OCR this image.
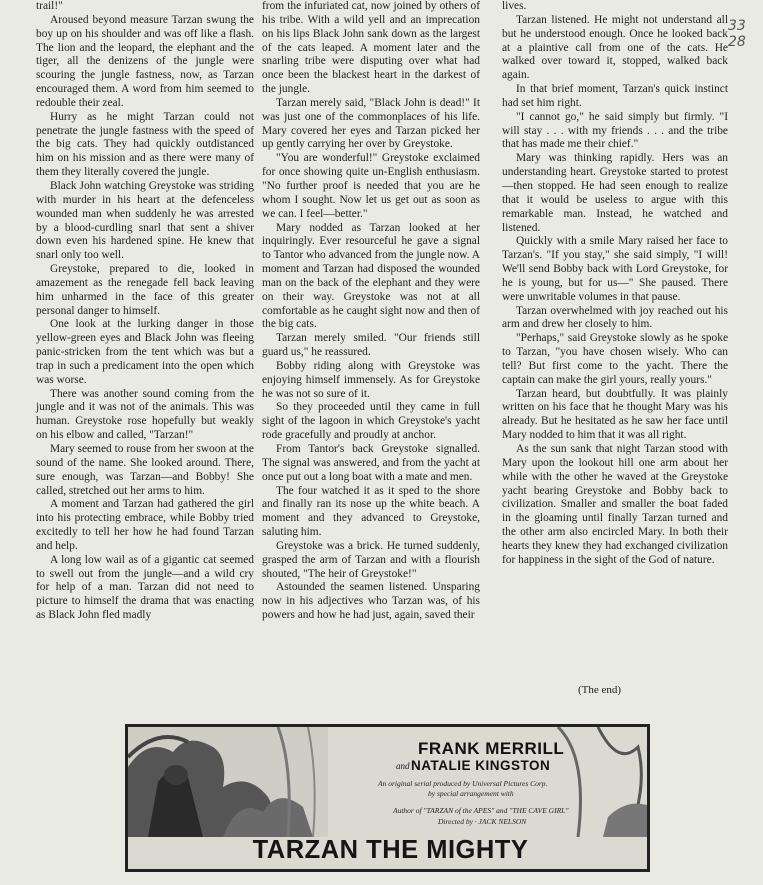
trail!"

Aroused beyond measure Tarzan swung the boy up on his shoulder and was off like a flash. The lion and the leopard, the elephant and the tiger, all the denizens of the jungle were scouring the jungle fastness, now, as Tarzan encouraged them. A word from him seemed to redouble their zeal.

Hurry as he might Tarzan could not penetrate the jungle fastness with the speed of the big cats. They had quickly outdistanced him on his mission and as there were many of them they literally covered the jungle.

Black John watching Greystoke was striding with murder in his heart at the defenceless wounded man when suddenly he was arrested by a blood-curdling snarl that sent a shiver down even his hardened spine. He knew that snarl only too well.

Greystoke, prepared to die, looked in amazement as the renegade fell back leaving him unharmed in the face of this greater personal danger to himself.

One look at the lurking danger in those yellow-green eyes and Black John was fleeing panic-stricken from the tent which was but a trap in such a predicament into the open which was worse.

There was another sound coming from the jungle and it was not of the animals. This was human. Greystoke rose hopefully but weakly on his elbow and called, "Tarzan!"

Mary seemed to rouse from her swoon at the sound of the name. She looked around. There, sure enough, was Tarzan—and Bobby! She called, stretched out her arms to him.

A moment and Tarzan had gathered the girl into his protecting embrace, while Bobby tried excitedly to tell her how he had found Tarzan and help.

A long low wail as of a gigantic cat seemed to swell out from the jungle—and a wild cry for help of a man. Tarzan did not need to picture to himself the drama that was enacting as Black John fled madly

from the infuriated cat, now joined by others of his tribe. With a wild yell and an imprecation on his lips Black John sank down as the largest of the cats leaped. A moment later and the snarling tribe were disputing over what had once been the blackest heart in the darkest of the jungle.

Tarzan merely said, "Black John is dead!" It was just one of the commonplaces of his life. Mary covered her eyes and Tarzan picked her up gently carrying her over by Greystoke.

"You are wonderful!" Greystoke exclaimed for once showing quite un-English enthusiasm. "No further proof is needed that you are he whom I sought. Now let us get out as soon as we can. I feel—better."

Mary nodded as Tarzan looked at her inquiringly. Ever resourceful he gave a signal to Tantor who advanced from the jungle now. A moment and Tarzan had disposed the wounded man on the back of the elephant and they were on their way. Greystoke was not at all comfortable as he caught sight now and then of the big cats.

Tarzan merely smiled. "Our friends still guard us," he reassured.

Bobby riding along with Greystoke was enjoying himself immensely. As for Greystoke he was not so sure of it.

So they proceeded until they came in full sight of the lagoon in which Greystoke's yacht rode gracefully and proudly at anchor.

From Tantor's back Greystoke signalled. The signal was answered, and from the yacht at once put out a long boat with a mate and men.

The four watched it as it sped to the shore and finally ran its nose up the white beach. A moment and they advanced to Greystoke, saluting him.

Greystoke was a brick. He turned suddenly, grasped the arm of Tarzan and with a flourish shouted, "The heir of Greystoke!"

Astounded the seamen listened. Unsparing now in his adjectives who Tarzan was, of his powers and how he had just, again, saved their

lives.

Tarzan listened. He might not understand all but he understood enough. Once he looked back at a plaintive call from one of the cats. He walked over toward it, stopped, walked back again.

In that brief moment, Tarzan's quick instinct had set him right.

"I cannot go," he said simply but firmly. "I will stay . . . with my friends . . . and the tribe that has made me their chief."

Mary was thinking rapidly. Hers was an understanding heart. Greystoke started to protest—then stopped. He had seen enough to realize that it would be useless to argue with this remarkable man. Instead, he watched and listened.

Quickly with a smile Mary raised her face to Tarzan's. "If you stay," she said simply, "I will! We'll send Bobby back with Lord Greystoke, for he is young, but for us—" She paused. There were unwritable volumes in that pause.

Tarzan overwhelmed with joy reached out his arm and drew her closely to him.

"Perhaps," said Greystoke slowly as he spoke to Tarzan, "you have chosen wisely. Who can tell? But first come to the yacht. There the captain can make the girl yours, really yours."

Tarzan heard, but doubtfully. It was plainly written on his face that he thought Mary was his already. But he hesitated as he saw her face until Mary nodded to him that it was all right.

As the sun sank that night Tarzan stood with Mary upon the lookout hill one arm about her while with the other he waved at the Greystoke yacht bearing Greystoke and Bobby back to civilization. Smaller and smaller the boat faded in the gloaming until finally Tarzan turned and the other arm also encircled Mary. In both their hearts they knew they had exchanged civilization for happiness in the sight of the God of nature.

33
28
(The end)
FRANK MERRILL
and NATALIE KINGSTON
An original serial produced by Universal Pictures Corp.
by special arrangement with
Author of "TARZAN of the APES" and "THE CAVE GIRL"
Directed by · JACK NELSON
TARZAN THE MIGHTY
